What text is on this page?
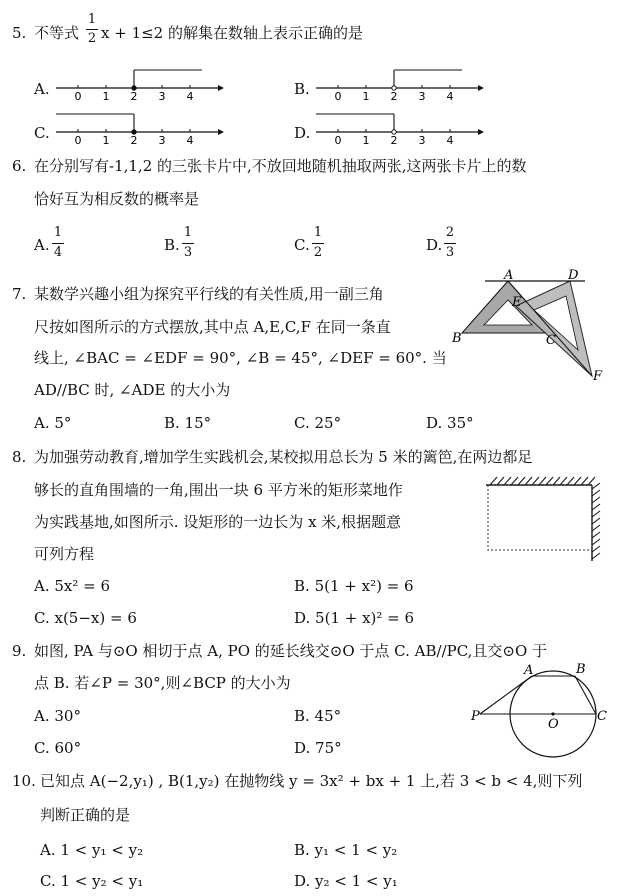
5. 不等式
1
2 x + 1≤2 的解集在数轴上表示正确的是
A. 0 1 2 3 4	B. 0 1 2 3 4
C. 0 1 2 3 4	D. 0 1 2 3 4
6. 在分别写有-1,1,2 的三张卡片中,不放回地随机抽取两张,这两张卡片上的数
恰好互为相反数的概率是
A.
1
4	B.
1
3	C.
1
2	D.
2
3
7. 某数学兴趣小组为探究平行线的有关性质,用一副三角
尺按如图所示的方式摆放,其中点 A,E,C,F 在同一条直
线上, ∠BAC = ∠EDF = 90°, ∠B = 45°, ∠DEF = 60°. 当
AD//BC 时, ∠ADE 的大小为
A. 5°	B. 15°	C. 25°	D. 35°
A	D
E
B	C
F
8. 为加强劳动教育,增加学生实践机会,某校拟用总长为 5 米的篱笆,在两边都足
够长的直角围墙的一角,围出一块 6 平方米的矩形菜地作
为实践基地,如图所示. 设矩形的一边长为 x 米,根据题意
可列方程
A. 5x² = 6	B. 5(1 + x²) = 6
C. x(5−x) = 6	D. 5(1 + x)² = 6
9. 如图, PA 与⊙O 相切于点 A, PO 的延长线交⊙O 于点 C. AB//PC,且交⊙O 于
点 B. 若∠P = 30°,则∠BCP 的大小为
A. 30°	B. 45°
C. 60°	D. 75°
A	B
P
O
C
10. 已知点 A(−2,y₁) , B(1,y₂) 在抛物线 y = 3x² + bx + 1 上,若 3 < b < 4,则下列
判断正确的是
A. 1 < y₁ < y₂	B. y₁ < 1 < y₂
C. 1 < y₂ < y₁	D. y₂ < 1 < y₁
